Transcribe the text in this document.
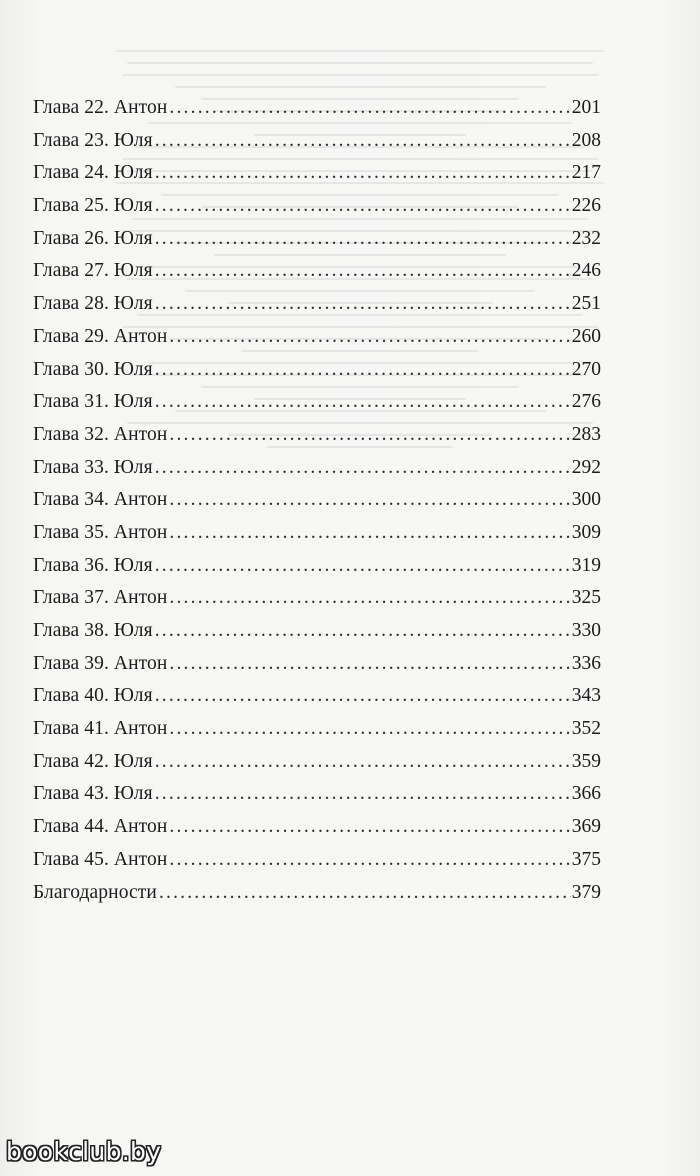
Глава 22. Антон .....	201
Глава 23. Юля .....	208
Глава 24. Юля .....	217
Глава 25. Юля .....	226
Глава 26. Юля .....	232
Глава 27. Юля .....	246
Глава 28. Юля .....	251
Глава 29. Антон .....	260
Глава 30. Юля .....	270
Глава 31. Юля .....	276
Глава 32. Антон .....	283
Глава 33. Юля .....	292
Глава 34. Антон .....	300
Глава 35. Антон .....	309
Глава 36. Юля .....	319
Глава 37. Антон .....	325
Глава 38. Юля .....	330
Глава 39. Антон .....	336
Глава 40. Юля .....	343
Глава 41. Антон .....	352
Глава 42. Юля .....	359
Глава 43. Юля .....	366
Глава 44. Антон .....	369
Глава 45. Антон .....	375
Благодарности .....	379
bookclub.by
